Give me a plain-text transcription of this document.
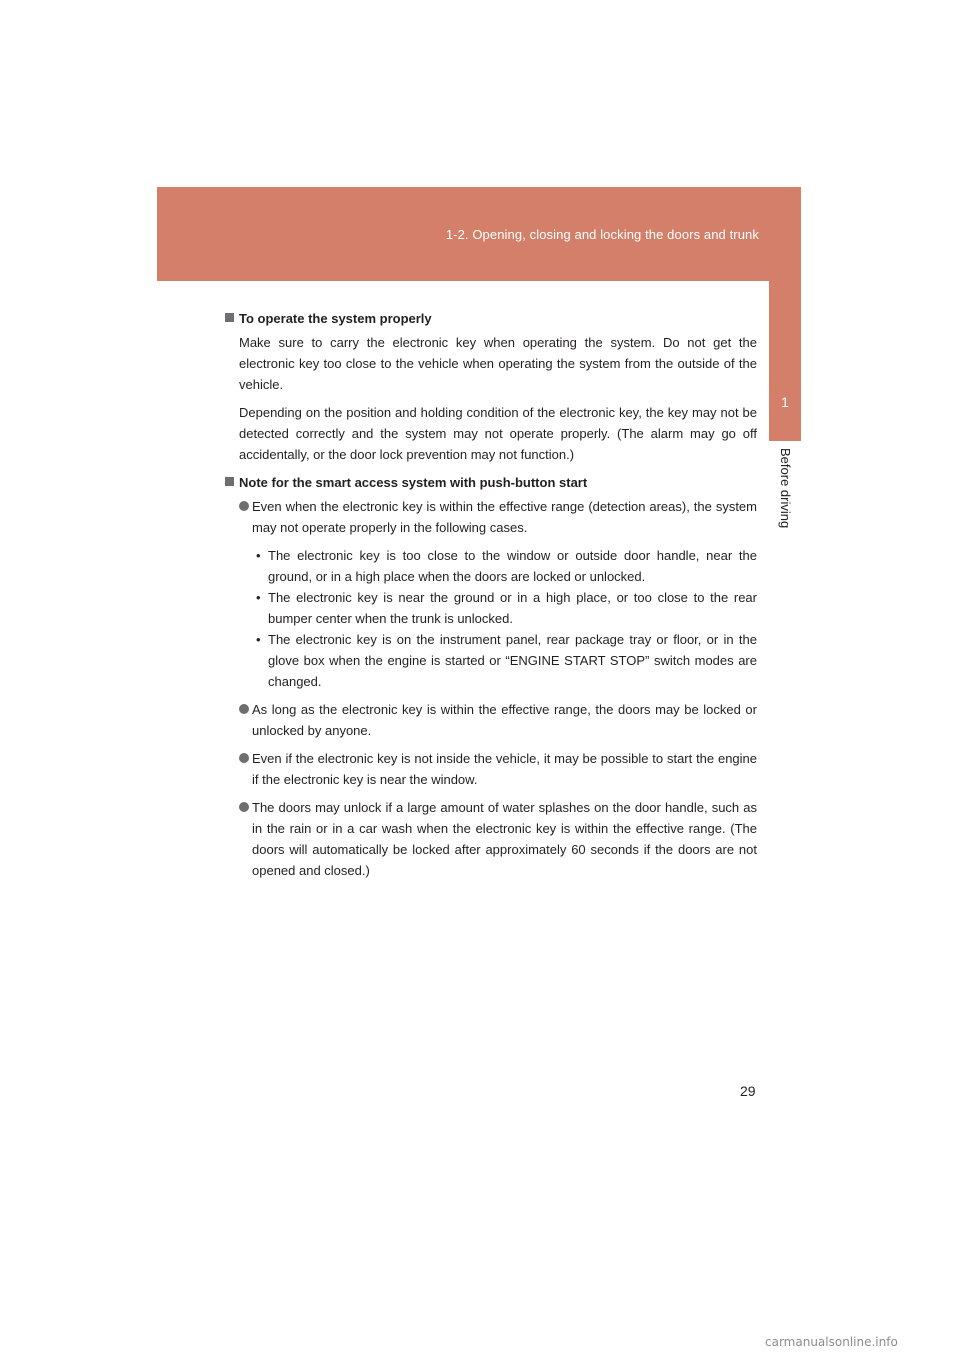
1-2. Opening, closing and locking the doors and trunk
1
Before driving
To operate the system properly

Make sure to carry the electronic key when operating the system. Do not get the electronic key too close to the vehicle when operating the system from the outside of the vehicle.

Depending on the position and holding condition of the electronic key, the key may not be detected correctly and the system may not operate properly. (The alarm may go off accidentally, or the door lock prevention may not function.)

Note for the smart access system with push-button start
Even when the electronic key is within the effective range (detection areas), the system may not operate properly in the following cases.
• The electronic key is too close to the window or outside door handle, near the ground, or in a high place when the doors are locked or unlocked.
• The electronic key is near the ground or in a high place, or too close to the rear bumper center when the trunk is unlocked.
• The electronic key is on the instrument panel, rear package tray or floor, or in the glove box when the engine is started or “ENGINE START STOP” switch modes are changed.
As long as the electronic key is within the effective range, the doors may be locked or unlocked by anyone.
Even if the electronic key is not inside the vehicle, it may be possible to start the engine if the electronic key is near the window.
The doors may unlock if a large amount of water splashes on the door handle, such as in the rain or in a car wash when the electronic key is within the effective range. (The doors will automatically be locked after approximately 60 seconds if the doors are not opened and closed.)
29
carmanualsonline.info
